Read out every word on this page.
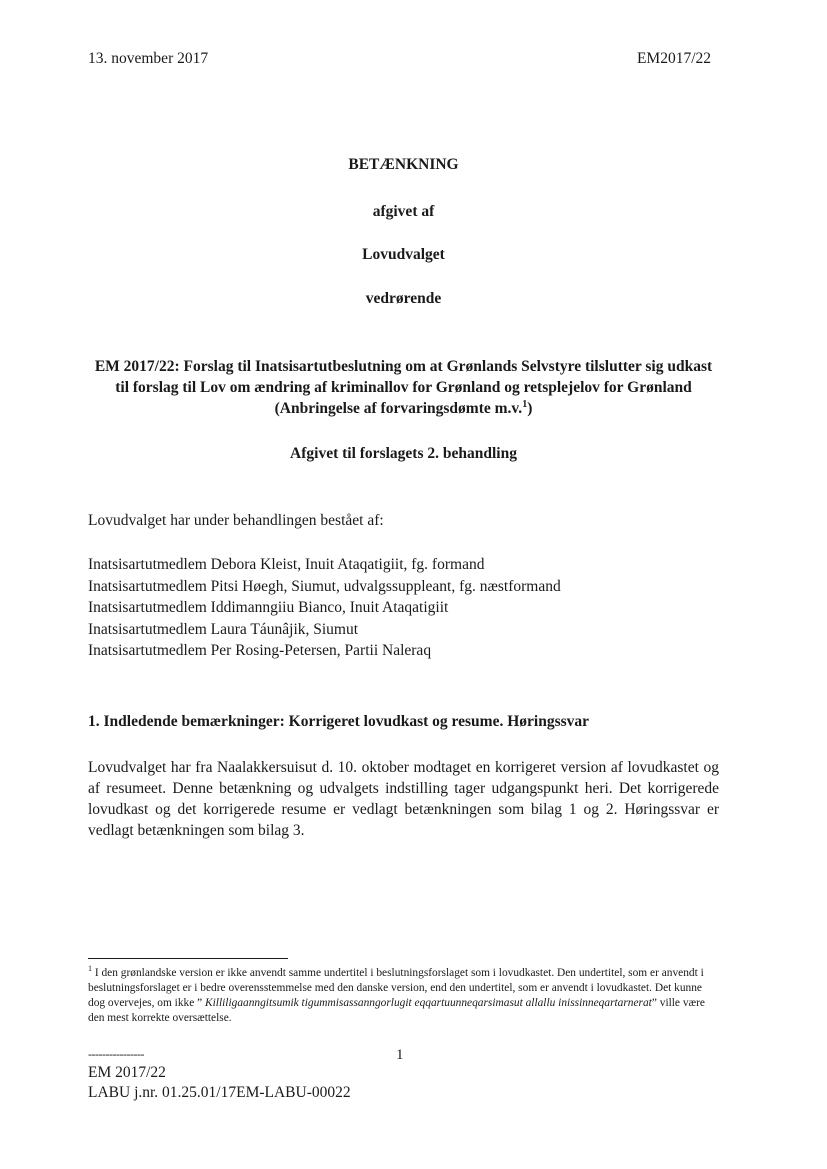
13. november 2017	EM2017/22
BETÆNKNING
afgivet af
Lovudvalget
vedrørende
EM 2017/22: Forslag til Inatsisartutbeslutning om at Grønlands Selvstyre tilslutter sig udkast til forslag til Lov om ændring af kriminallov for Grønland og retsplejelov for Grønland (Anbringelse af forvaringsdømte m.v.$^1$)
Afgivet til forslagets 2. behandling
Lovudvalget har under behandlingen bestået af:
Inatsisartutmedlem Debora Kleist, Inuit Ataqatigiit, fg. formand
Inatsisartutmedlem Pitsi Høegh, Siumut, udvalgssuppleant, fg. næstformand
Inatsisartutmedlem Iddimanngiiu Bianco, Inuit Ataqatigiit
Inatsisartutmedlem Laura Táunâjik, Siumut
Inatsisartutmedlem Per Rosing-Petersen, Partii Naleraq
1. Indledende bemærkninger: Korrigeret lovudkast og resume. Høringssvar
Lovudvalget har fra Naalakkersuisut d. 10. oktober modtaget en korrigeret version af lovudkastet og af resumeet. Denne betænkning og udvalgets indstilling tager udgangspunkt heri. Det korrigerede lovudkast og det korrigerede resume er vedlagt betænkningen som bilag 1 og 2. Høringssvar er vedlagt betænkningen som bilag 3.
$^1$ I den grønlandske version er ikke anvendt samme undertitel i beslutningsforslaget som i lovudkastet. Den undertitel, som er anvendt i beslutningsforslaget er i bedre overensstemmelse med den danske version, end den undertitel, som er anvendt i lovudkastet. Det kunne dog overvejes, om ikke ” Killiligaanngitsumik tigummisassanngorlugit eqqartuunneqarsimasut allallu inissinneqartarnerat” ville være den mest korrekte oversættelse.
----------------	1
EM 2017/22
LABU j.nr. 01.25.01/17EM-LABU-00022
